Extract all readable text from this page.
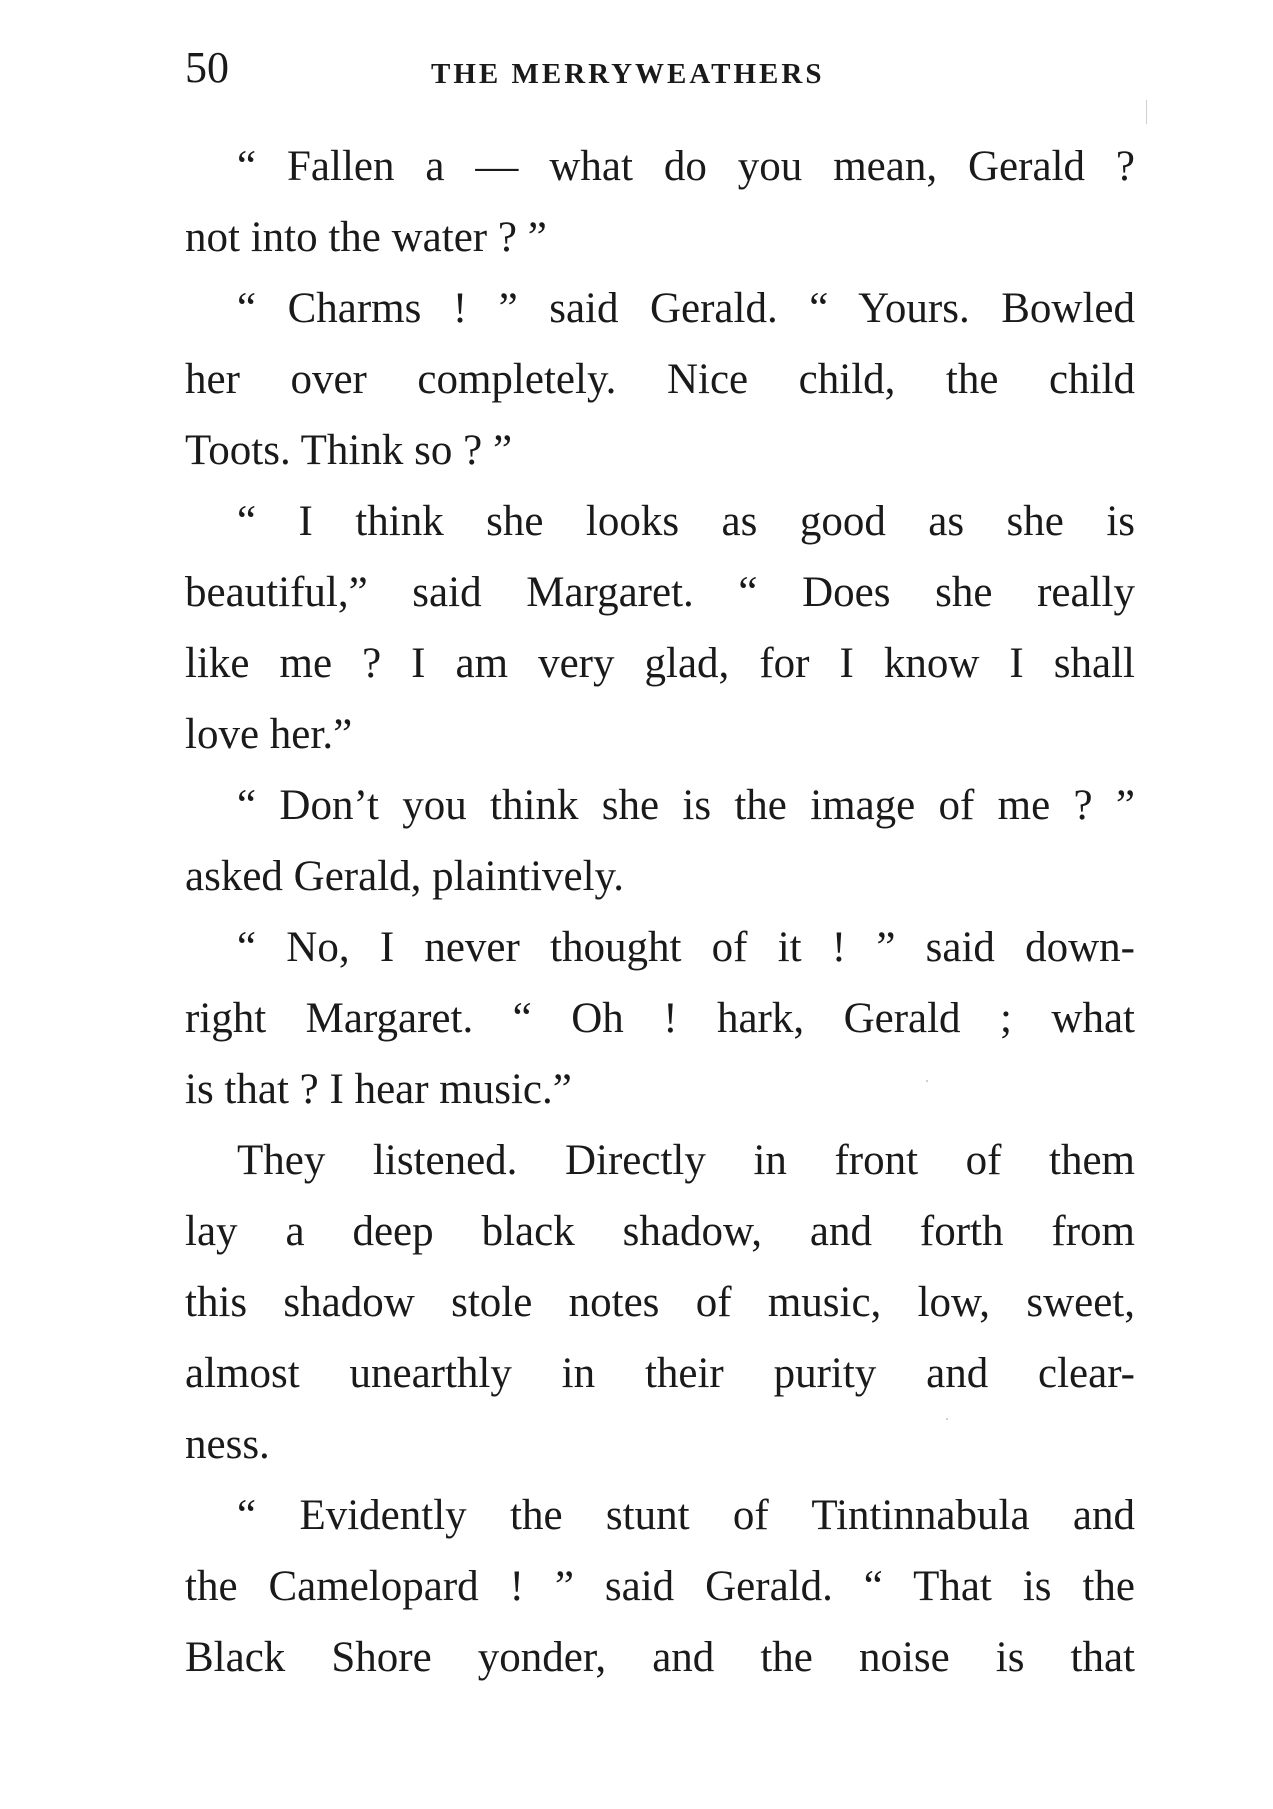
50	THE MERRYWEATHERS
“ Fallen a — what do you mean, Gerald ?
not into the water ? ”
“ Charms ! ” said Gerald. “ Yours. Bowled
her over completely. Nice child, the child
Toots. Think so ? ”
“ I think she looks as good as she is
beautiful,” said Margaret. “ Does she really
like me ? I am very glad, for I know I shall
love her.”
“ Don’t you think she is the image of me ? ”
asked Gerald, plaintively.
“ No, I never thought of it ! ” said down-
right Margaret. “ Oh ! hark, Gerald ; what
is that ? I hear music.”
They listened. Directly in front of them
lay a deep black shadow, and forth from
this shadow stole notes of music, low, sweet,
almost unearthly in their purity and clear-
ness.
“ Evidently the stunt of Tintinnabula and
the Camelopard ! ” said Gerald. “ That is the
Black Shore yonder, and the noise is that
